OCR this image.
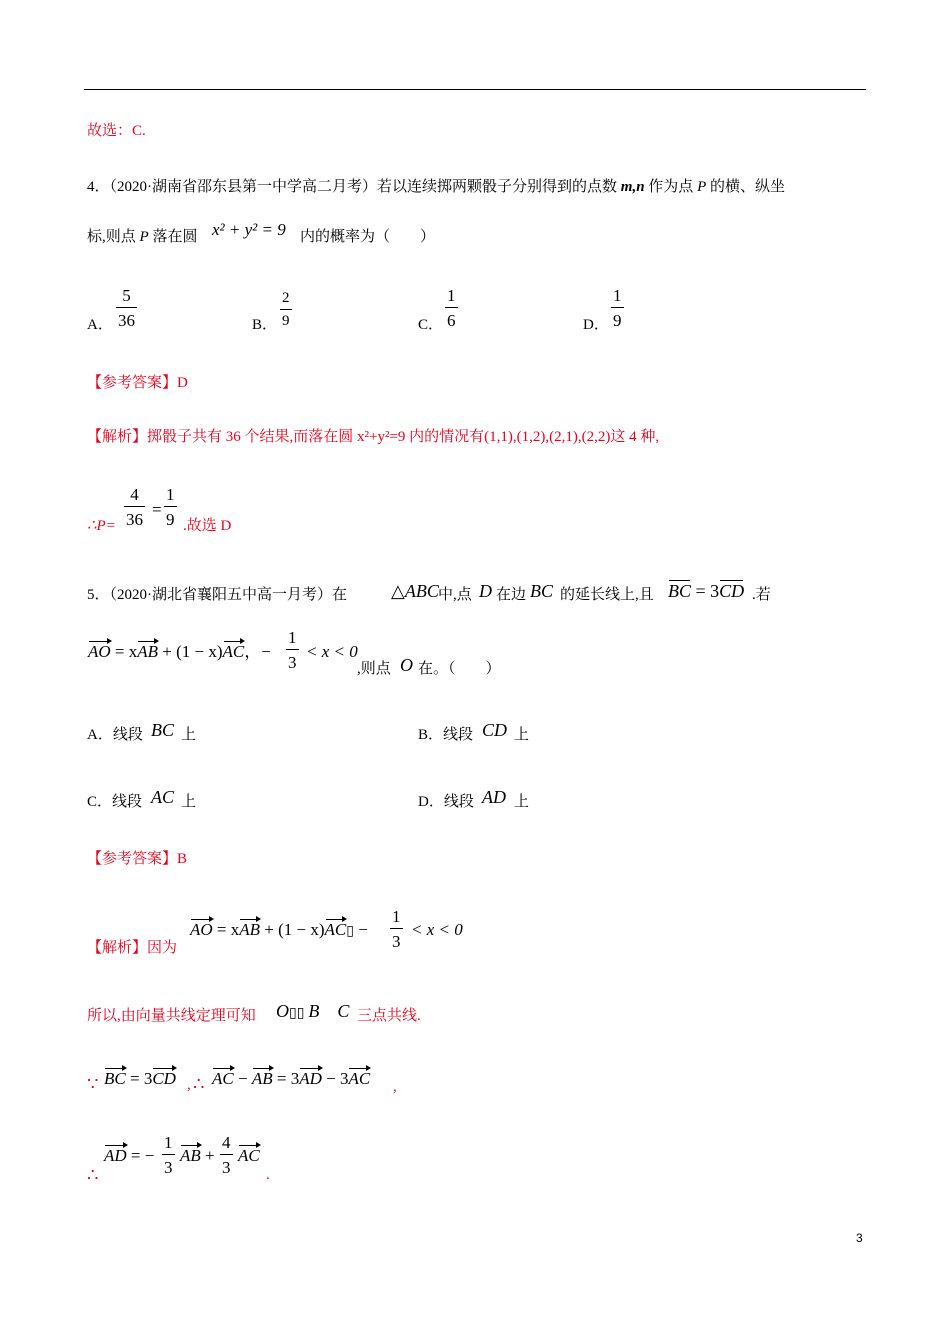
故选：C.
4．（2020·湖南省邵东县第一中学高二月考）若以连续掷两颗骰子分别得到的点数 m,n 作为点 P 的横、纵坐
标,则点 P 落在圆 x² + y² = 9 内的概率为（　　）
A．
5
36	B．
2
9	C．
1
6	D．
1
9
【参考答案】D
【解析】掷骰子共有 36 个结果,而落在圆 x²+y²=9 内的情况有(1,1),(1,2),(2,1),(2,2)这 4 种,
∴P=
4
36
=
1
9 .故选 D
5．（2020·湖北省襄阳五中高一月考）在 △ABC 中,点 D 在边 BC 的延长线上,且 BC = 3CD .若
AO = xAB + (1 − x)AC，−
1
3
< x < 0
,则点 O 在。（　　）
A．线段 BC 上	B．线段 CD 上
C．线段 AC 上	D．线段 AD 上
【参考答案】B
AO = xAB + (1 − x)AC▯ −
1
3
< x < 0
【解析】因为
所以,由向量共线定理可知 O▯▯ B C 三点共线.
∵ BC = 3CD , ∴ AC − AB = 3AD − 3AC ,
AD = −
1
3
AB +
4
3
AC
∴	.
3
